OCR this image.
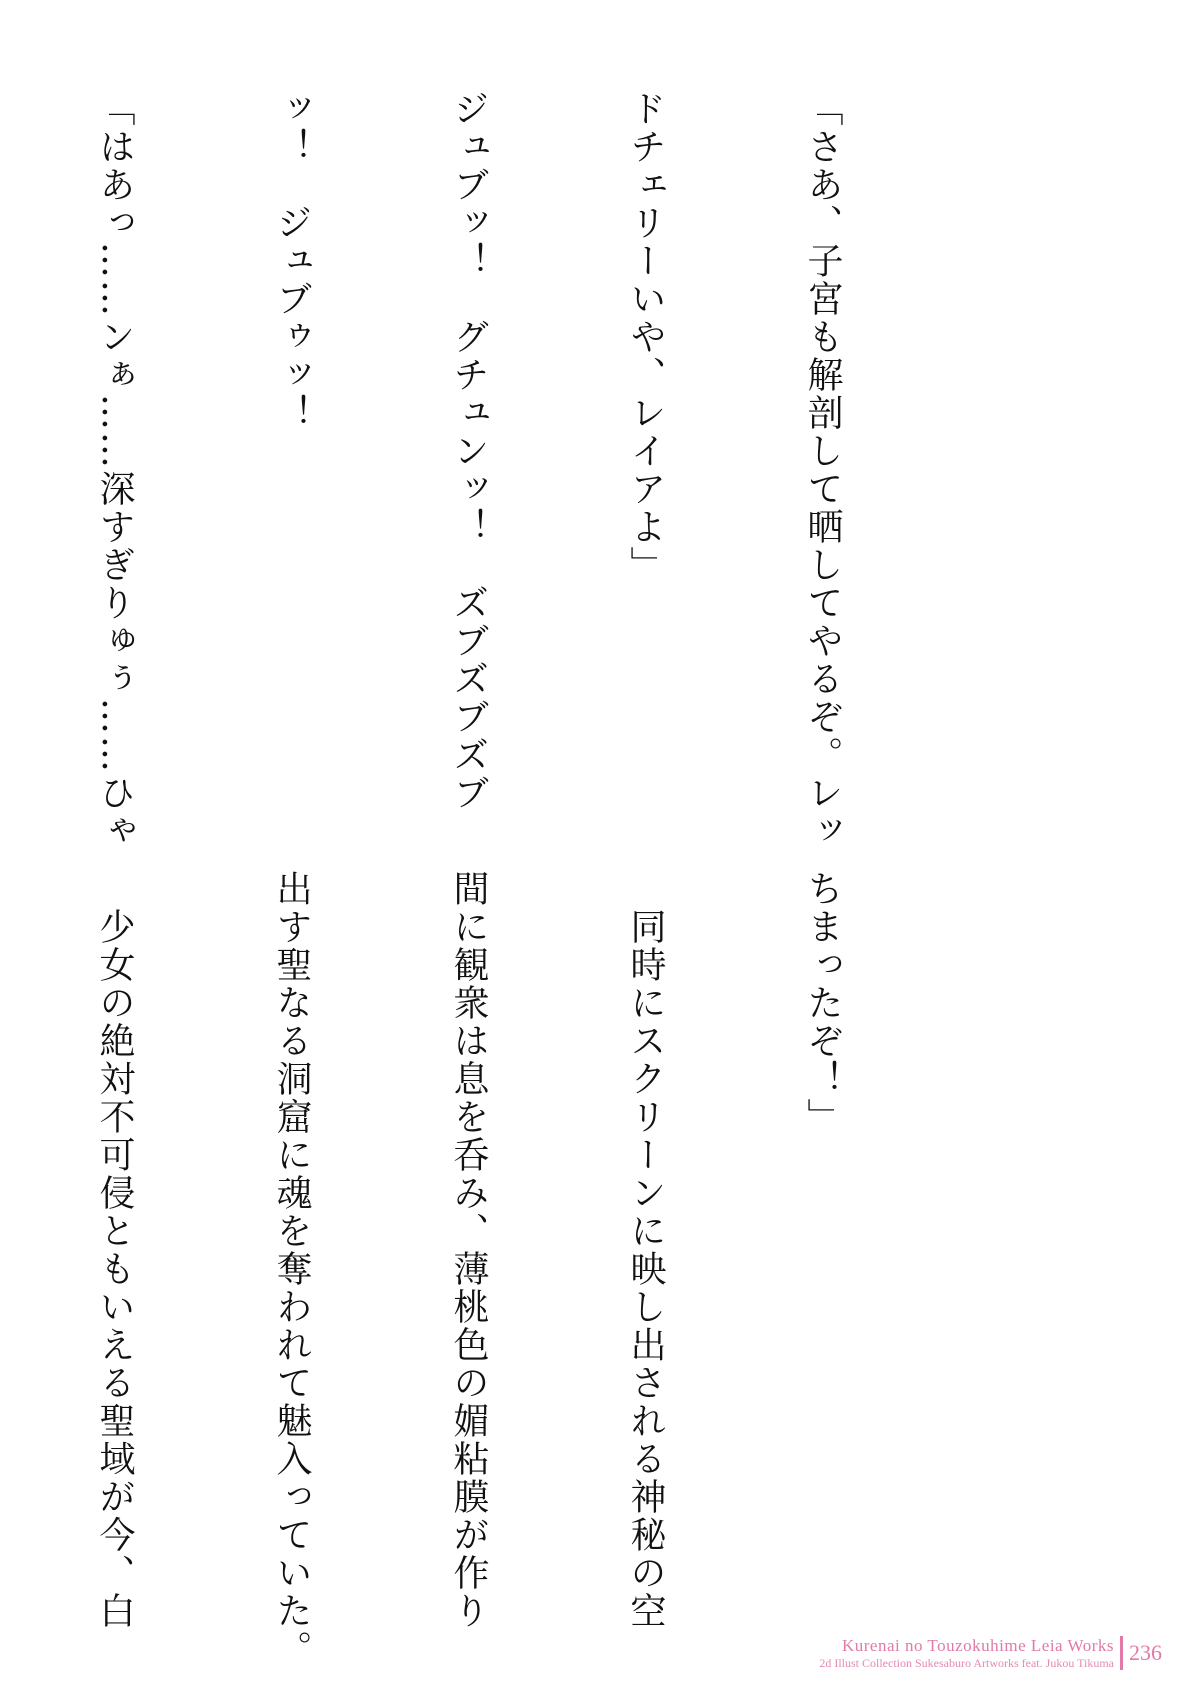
「さあ、子宮も解剖して晒してやるぞ。レッ

ドチェリーいや、レイアよ」

ジュブッ！　グチュンッ！　ズブズブズブ

ッ！　ジュブゥッ！

「はあっ……ンぁ……深すぎりゅぅ……ひゃ

ちまったぞ！」

　同時にスクリーンに映し出される神秘の空

間に観衆は息を呑み、薄桃色の媚粘膜が作り

出す聖なる洞窟に魂を奪われて魅入っていた。

　少女の絶対不可侵ともいえる聖域が今、白

Kurenai no Touzokuhime Leia Works
2d Illust Collection Sukesaburo Artworks feat. Jukou Tikuma 236
